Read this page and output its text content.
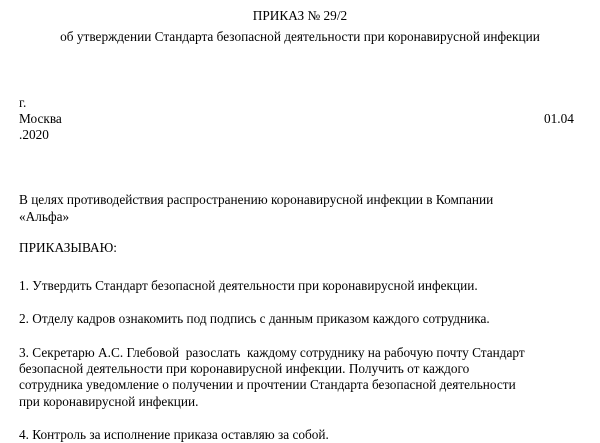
ПРИКАЗ № 29/2
об утверждении Стандарта безопасной деятельности при коронавирусной инфекции
г.
Москва	01.04
.2020
В целях противодействия распространению коронавирусной инфекции в Компании
«Альфа»
ПРИКАЗЫВАЮ:
1. Утвердить Стандарт безопасной деятельности при коронавирусной инфекции.
2. Отделу кадров ознакомить под подпись с данным приказом каждого сотрудника.
3. Секретарю А.С. Глебовой  разослать  каждому сотруднику на рабочую почту Стандарт
безопасной деятельности при коронавирусной инфекции. Получить от каждого
сотрудника уведомление о получении и прочтении Стандарта безопасной деятельности
при коронавирусной инфекции.
4. Контроль за исполнение приказа оставляю за собой.
